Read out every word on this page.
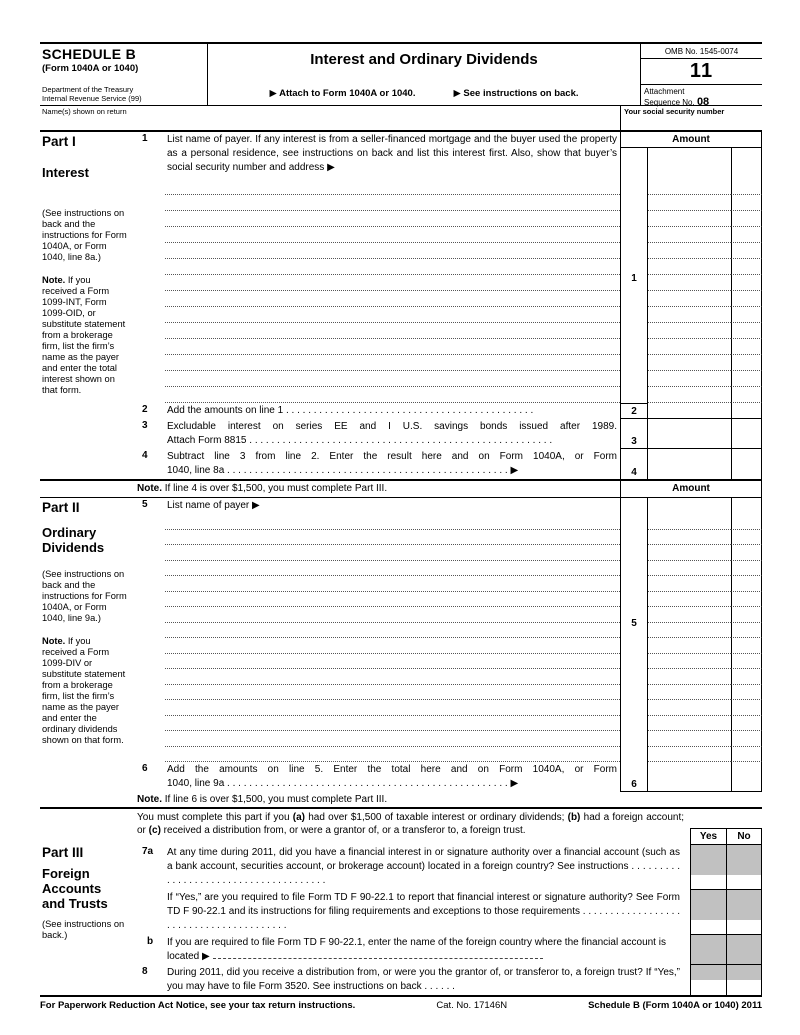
SCHEDULE B
(Form 1040A or 1040)
Department of the Treasury
Internal Revenue Service (99)
Interest and Ordinary Dividends
▶ Attach to Form 1040A or 1040.	▶ See instructions on back.
OMB No. 1545-0074
11
Attachment
Sequence No. 08
Name(s) shown on return	Your social security number
Part I
Interest
(See instructions on back and the instructions for Form 1040A, or Form 1040, line 8a.)
Note. If you received a Form 1099-INT, Form 1099-OID, or substitute statement from a brokerage firm, list the firm’s name as the payer and enter the total interest shown on that form.
1	List name of payer. If any interest is from a seller-financed mortgage and the buyer used the property as a personal residence, see instructions on back and list this interest first. Also, show that buyer’s social security number and address ▶
Amount
1
2	Add the amounts on line 1 . . . . . . . . . . . . . . . . . . . . . . . . . . . . . . . . . . . . . . . . . . . . .	2
3	Excludable interest on series EE and I U.S. savings bonds issued after 1989.
Attach Form 8815 . . . . . . . . . . . . . . . . . . . . . . . . . . . . . . . . . . . . . . . . . . . . . . . . . . . . . . .	3
4	Subtract line 3 from line 2. Enter the result here and on Form 1040A, or Form
1040, line 8a . . . . . . . . . . . . . . . . . . . . . . . . . . . . . . . . . . . . . . . . . . . . . . . . . . . ▶	4
Note. If line 4 is over $1,500, you must complete Part III.	Amount
Part II
Ordinary Dividends
(See instructions on back and the instructions for Form 1040A, or Form 1040, line 9a.)
Note. If you received a Form 1099-DIV or substitute statement from a brokerage firm, list the firm’s name as the payer and enter the ordinary dividends shown on that form.
5	List name of payer ▶
5
6	Add the amounts on line 5. Enter the total here and on Form 1040A, or Form
1040, line 9a . . . . . . . . . . . . . . . . . . . . . . . . . . . . . . . . . . . . . . . . . . . . . . . . . . . ▶	6
Note. If line 6 is over $1,500, you must complete Part III.
Part III
Foreign Accounts and Trusts
(See instructions on back.)
You must complete this part if you (a) had over $1,500 of taxable interest or ordinary dividends; (b) had a foreign account; or (c) received a distribution from, or were a grantor of, or a transferor to, a foreign trust.
Yes	No
7a	At any time during 2011, did you have a financial interest in or signature authority over a financial account (such as a bank account, securities account, or brokerage account) located in a foreign country? See instructions . . . . . . . . . . . . . . . . . . . . . . . . . . . . . . . . . . . . . .
If “Yes,” are you required to file Form TD F 90-22.1 to report that financial interest or signature authority? See Form TD F 90-22.1 and its instructions for filing requirements and exceptions to those requirements . . . . . . . . . . . . . . . . . . . . . . . . . . . . . . . . . . . . . . . .
b	If you are required to file Form TD F 90-22.1, enter the name of the foreign country where the financial account is located ▶
8	During 2011, did you receive a distribution from, or were you the grantor of, or transferor to, a foreign trust? If “Yes,” you may have to file Form 3520. See instructions on back . . . . . .
For Paperwork Reduction Act Notice, see your tax return instructions.	Cat. No. 17146N	Schedule B (Form 1040A or 1040) 2011
